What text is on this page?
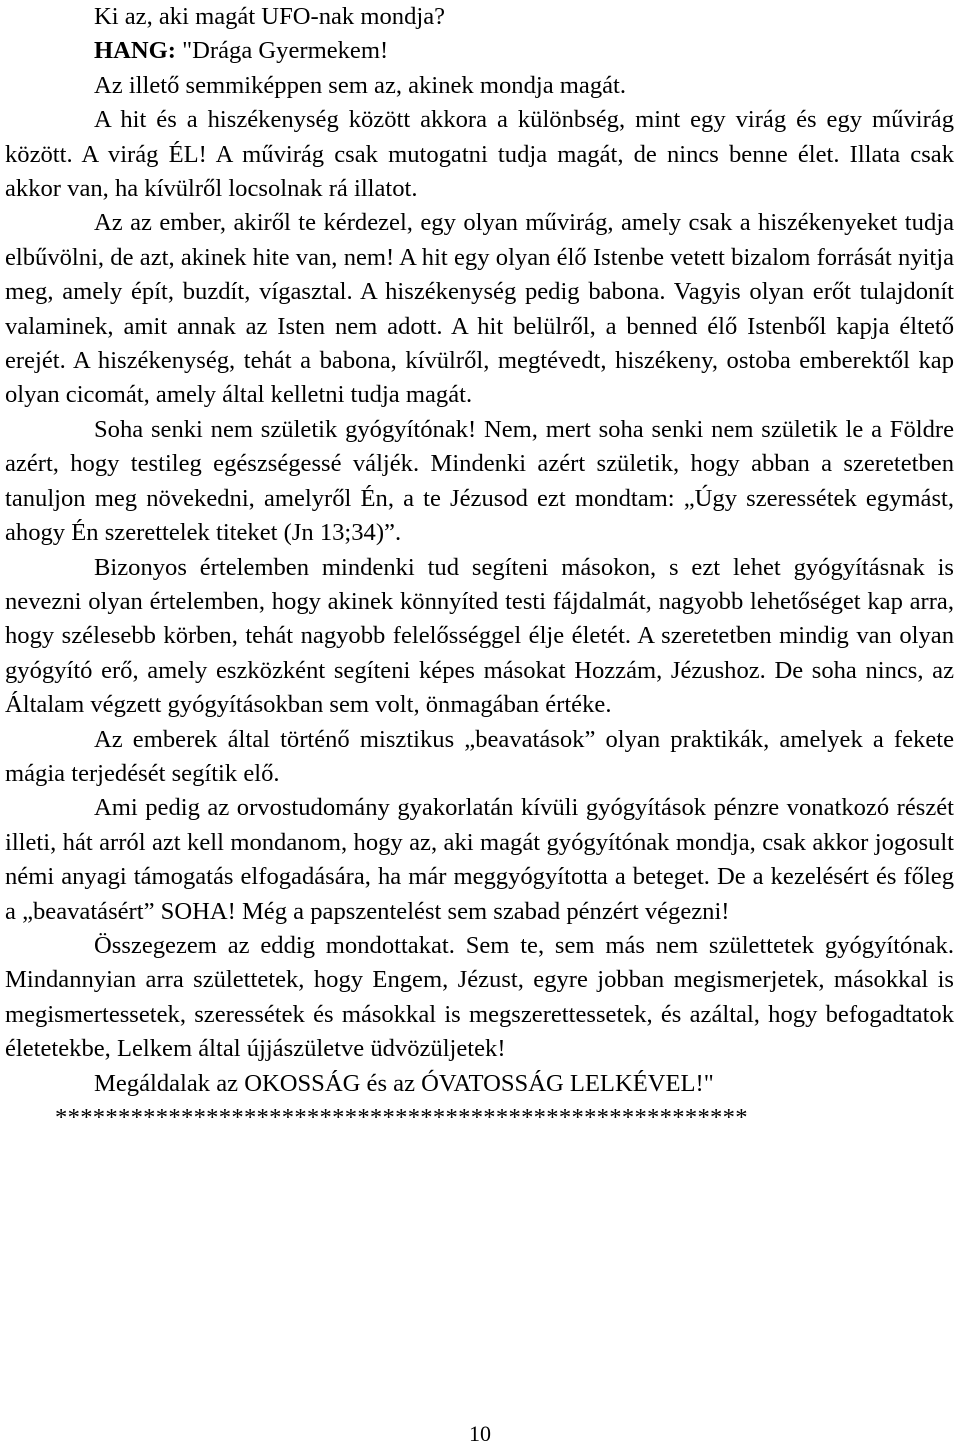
Ki az, aki magát UFO-nak mondja?

HANG: "Drága Gyermekem!

Az illető semmiképpen sem az, akinek mondja magát.

A hit és a hiszékenység között akkora a különbség, mint egy virág és egy művirág között. A virág ÉL! A művirág csak mutogatni tudja magát, de nincs benne élet. Illata csak akkor van, ha kívülről locsolnak rá illatot.

Az az ember, akiről te kérdezel, egy olyan művirág, amely csak a hiszékenyeket tudja elbűvölni, de azt, akinek hite van, nem! A hit egy olyan élő Istenbe vetett bizalom forrását nyitja meg, amely épít, buzdít, vígasztal. A hiszékenység pedig babona. Vagyis olyan erőt tulajdonít valaminek, amit annak az Isten nem adott. A hit belülről, a benned élő Istenből kapja éltető erejét. A hiszékenység, tehát a babona, kívülről, megtévedt, hiszékeny, ostoba emberektől kap olyan cicomát, amely által kelletni tudja magát.

Soha senki nem születik gyógyítónak! Nem, mert soha senki nem születik le a Földre azért, hogy testileg egészségessé váljék. Mindenki azért születik, hogy abban a szeretetben tanuljon meg növekedni, amelyről Én, a te Jézusod ezt mondtam: „Úgy szeressétek egymást, ahogy Én szerettelek titeket (Jn 13;34)”.

Bizonyos értelemben mindenki tud segíteni másokon, s ezt lehet gyógyításnak is nevezni olyan értelemben, hogy akinek könnyíted testi fájdalmát, nagyobb lehetőséget kap arra, hogy szélesebb körben, tehát nagyobb felelősséggel élje életét. A szeretetben mindig van olyan gyógyító erő, amely eszközként segíteni képes másokat Hozzám, Jézushoz. De soha nincs, az Általam végzett gyógyításokban sem volt, önmagában értéke.

Az emberek által történő misztikus „beavatások” olyan praktikák, amelyek a fekete mágia terjedését segítik elő.

Ami pedig az orvostudomány gyakorlatán kívüli gyógyítások pénzre vonatkozó részét illeti, hát arról azt kell mondanom, hogy az, aki magát gyógyítónak mondja, csak akkor jogosult némi anyagi támogatás elfogadására, ha már meggyógyította a beteget. De a kezelésért és főleg a „beavatásért” SOHA! Még a papszentelést sem szabad pénzért végezni!

Összegezem az eddig mondottakat. Sem te, sem más nem születtetek gyógyítónak. Mindannyian arra születtetek, hogy Engem, Jézust, egyre jobban megismerjetek, másokkal is megismertessetek, szeressétek és másokkal is megszerettessetek, és azáltal, hogy befogadtatok életetekbe, Lelkem által újjászületve üdvözüljetek!

Megáldalak az OKOSSÁG és az ÓVATOSSÁG LELKÉVEL!"

*******************************************************
10
